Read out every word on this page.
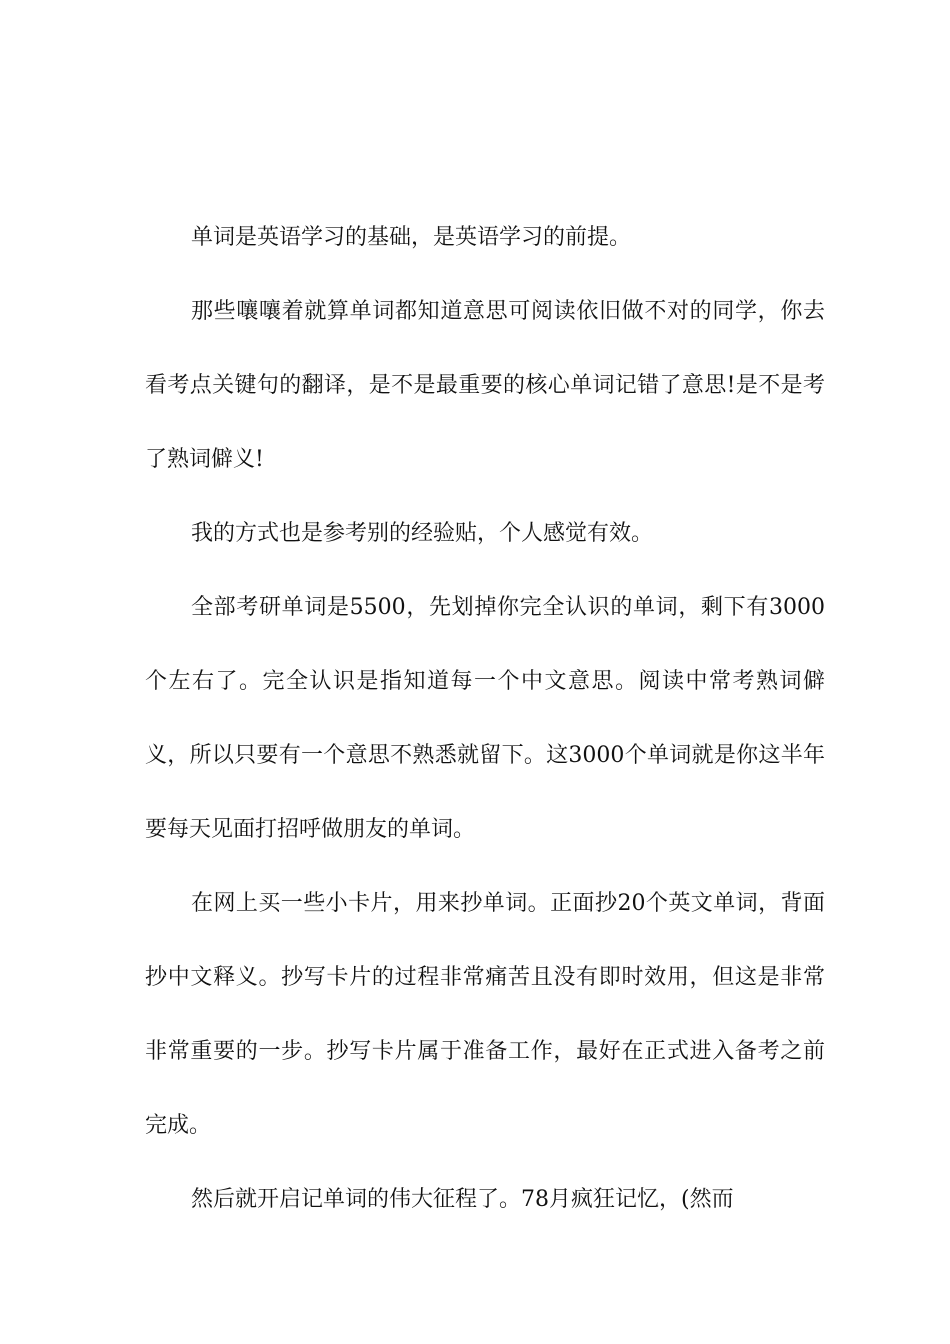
单词是英语学习的基础，是英语学习的前提。

那些嚷嚷着就算单词都知道意思可阅读依旧做不对的同学，你去看考点关键句的翻译，是不是最重要的核心单词记错了意思!是不是考了熟词僻义!

我的方式也是参考别的经验贴，个人感觉有效。

全部考研单词是5500，先划掉你完全认识的单词，剩下有3000个左右了。完全认识是指知道每一个中文意思。阅读中常考熟词僻义，所以只要有一个意思不熟悉就留下。这3000个单词就是你这半年要每天见面打招呼做朋友的单词。

在网上买一些小卡片，用来抄单词。正面抄20个英文单词，背面抄中文释义。抄写卡片的过程非常痛苦且没有即时效用，但这是非常非常重要的一步。抄写卡片属于准备工作，最好在正式进入备考之前完成。

然后就开启记单词的伟大征程了。78月疯狂记忆，(然而
